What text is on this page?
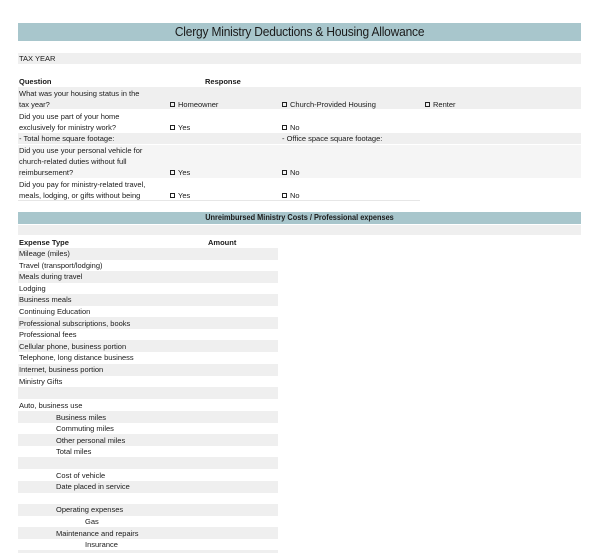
Clergy Ministry Deductions & Housing Allowance
TAX YEAR
Question	Response
What was your housing status in the
tax year?	Homeowner	Church-Provided Housing	Renter
Did you use part of your home
exclusively for ministry work?	Yes	No
- Total home square footage:	- Office space square footage:
Did you use your personal vehicle for
church-related duties without full
reimbursement?	Yes	No
Did you pay for ministry-related travel,
meals, lodging, or gifts without being	Yes	No
Unreimbursed Ministry Costs / Professional expenses
Expense Type	Amount
Mileage (miles)
Travel (transport/lodging)
Meals during travel
Lodging
Business meals
Continuing Education
Professional subscriptions, books
Professional fees
Cellular phone, business portion
Telephone, long distance business
Internet, business portion
Ministry Gifts
Auto, business use
Business miles
Commuting miles
Other personal miles
Total miles
Cost of vehicle
Date placed in service
Operating expenses
Gas
Maintenance and repairs
Insurance
